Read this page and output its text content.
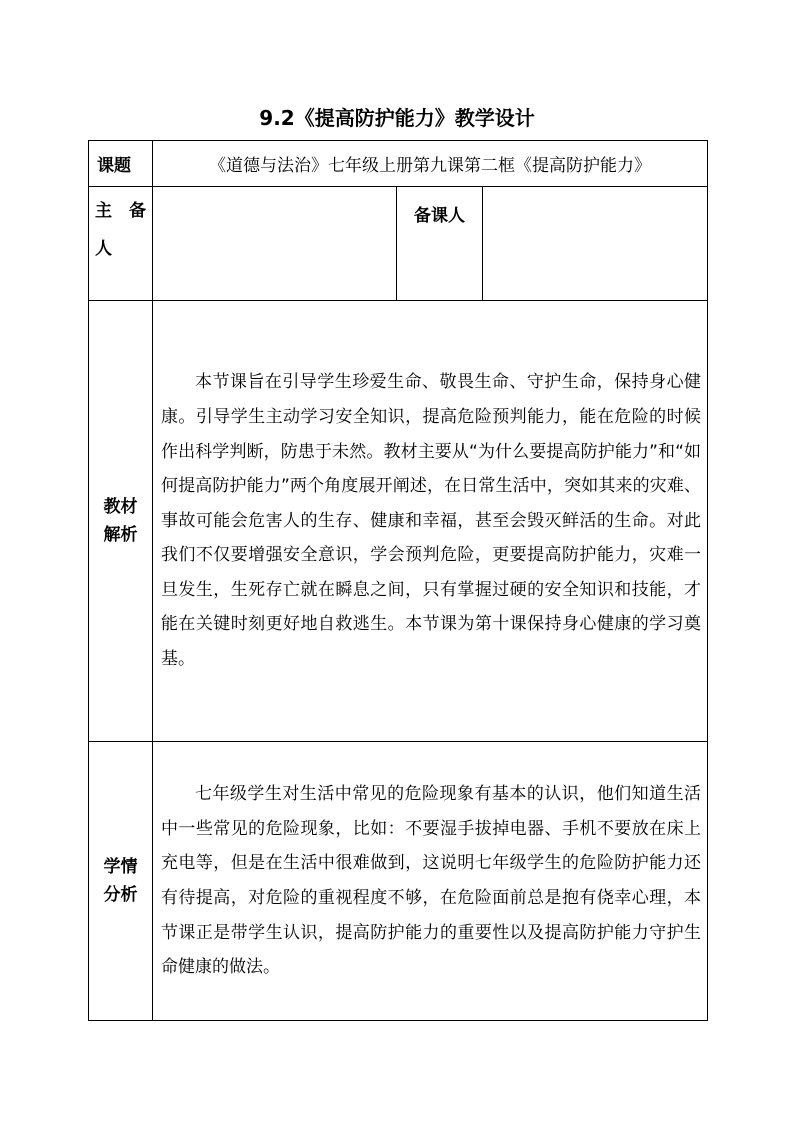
9.2《提高防护能力》教学设计
课题	《道德与法治》七年级上册第九课第二框《提高防护能力》		

主 备
人		备课人	

教材
解析	本节课旨在引导学生珍爱生命、敬畏生命、守护生命，保持身心健康。引导学生主动学习安全知识，提高危险预判能力，能在危险的时候作出科学判断，防患于未然。教材主要从“为什么要提高防护能力”和“如何提高防护能力”两个角度展开阐述，在日常生活中，突如其来的灾难、事故可能会危害人的生存、健康和幸福，甚至会毁灭鲜活的生命。对此我们不仅要增强安全意识，学会预判危险，更要提高防护能力，灾难一旦发生，生死存亡就在瞬息之间，只有掌握过硬的安全知识和技能，才能在关键时刻更好地自救逃生。本节课为第十课保持身心健康的学习奠基。		

学情
分析	七年级学生对生活中常见的危险现象有基本的认识，他们知道生活中一些常见的危险现象，比如：不要湿手拔掉电器、手机不要放在床上充电等，但是在生活中很难做到，这说明七年级学生的危险防护能力还有待提高，对危险的重视程度不够，在危险面前总是抱有侥幸心理，本节课正是带学生认识，提高防护能力的重要性以及提高防护能力守护生命健康的做法。		
